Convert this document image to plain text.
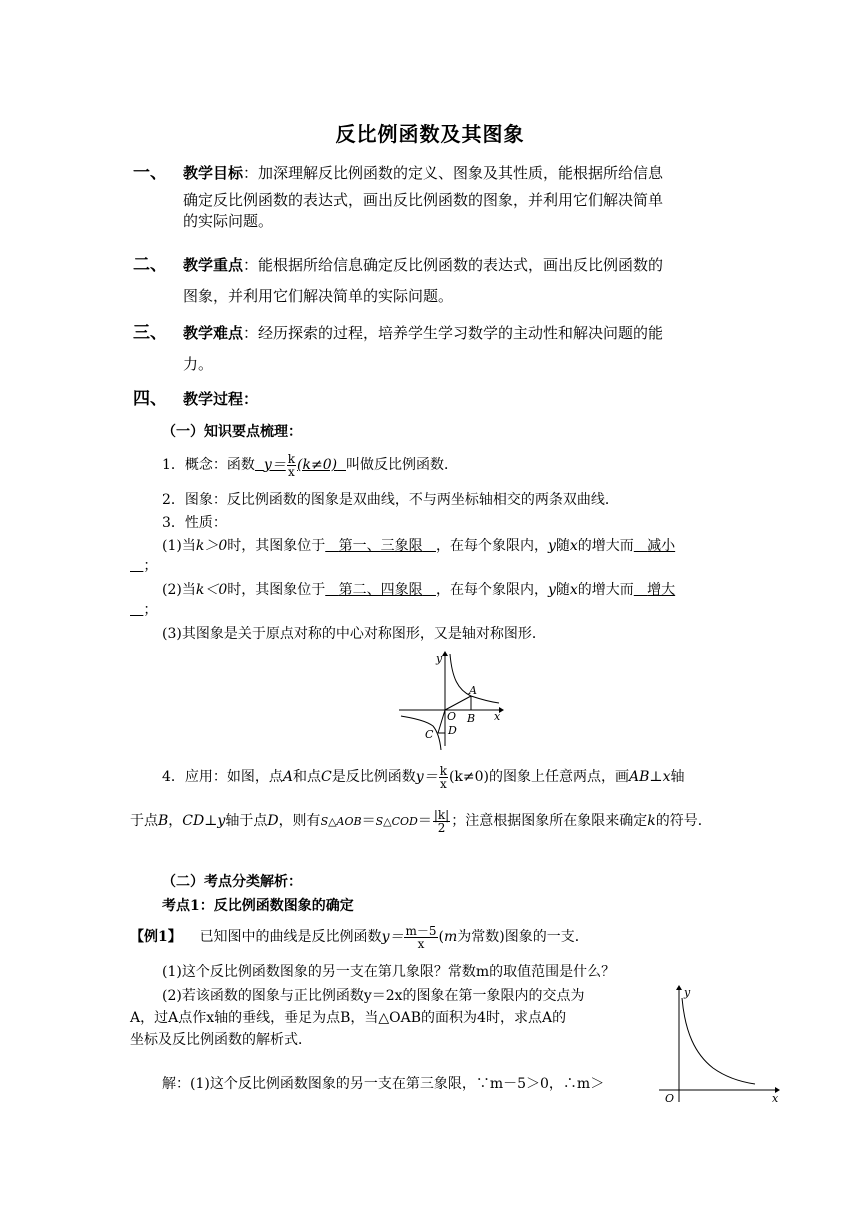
反比例函数及其图象
一、 教学目标：加深理解反比例函数的定义、图象及其性质，能根据所给信息
确定反比例函数的表达式，画出反比例函数的图象，并利用它们解决简单
的实际问题。
二、 教学重点：能根据所给信息确定反比例函数的表达式，画出反比例函数的
图象，并利用它们解决简单的实际问题。
三、 教学难点：经历探索的过程，培养学生学习数学的主动性和解决问题的能
力。
四、 教学过程：
（一）知识要点梳理：
1．概念：函数 $y= \frac{k}{x} (k\ne 0)$ 叫做反比例函数．
2．图象：反比例函数的图象是双曲线，不与两坐标轴相交的两条双曲线．
3．性质：
(1)当k＞0时，其图象位于 第一、三象限 ，在每个象限内，y随x的增大而 减小
；
(2)当k＜0时，其图象位于 第二、四象限 ，在每个象限内，y随x的增大而 增大
；
(3)其图象是关于原点对称的中心对称图形，又是轴对称图形．
y
x
O
A
B
C D
4．应用：如图，点A和点C是反比例函数$y= \frac{k}{x} (k\ne 0)$的图象上任意两点，画AB⊥x轴
于点B，CD⊥y轴于点D，则有S△AOB＝S△COD＝ $\frac{|k|}{2}$ ；注意根据图象所在象限来确定k的符号．
（二）考点分类解析：
考点1：反比例函数图象的确定
【例1】 已知图中的曲线是反比例函数$y= \frac{m-5}{x} (m$为常数)图象的一支．
(1)这个反比例函数图象的另一支在第几象限？常数m的取值范围是什么？
(2)若该函数的图象与正比例函数y＝2x的图象在第一象限内的交点为
A，过A点作x轴的垂线，垂足为点B，当△OAB的面积为4时，求点A的
坐标及反比例函数的解析式．
解：(1)这个反比例函数图象的另一支在第三象限，∵m－5＞0，∴m＞
y
x
O
